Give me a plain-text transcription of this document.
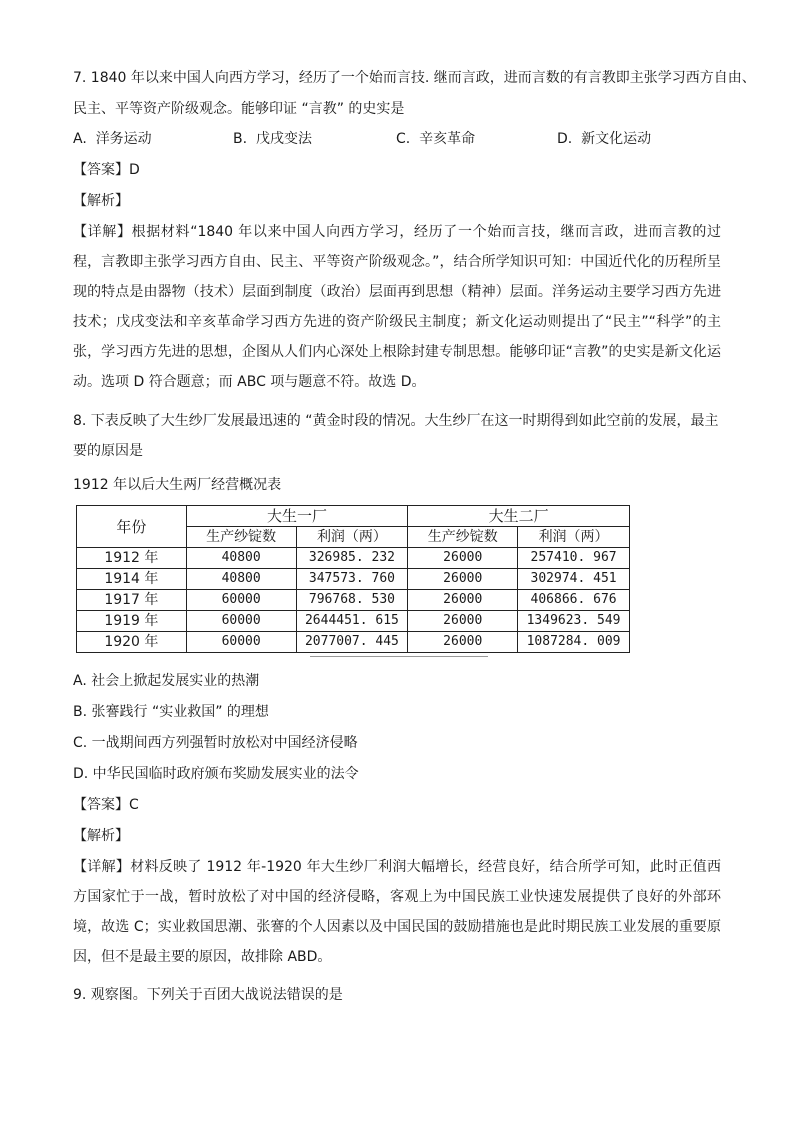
7. 1840 年以来中国人向西方学习，经历了一个始而言技. 继而言政，进而言数的有言教即主张学习西方自由、
民主、平等资产阶级观念。能够印证 “言教” 的史实是
A. 洋务运动	B. 戊戌变法	C. 辛亥革命	D. 新文化运动
【答案】D
【解析】
【详解】根据材料“1840 年以来中国人向西方学习，经历了一个始而言技，继而言政，进而言教的过程，言教即主张学习西方自由、民主、平等资产阶级观念。”，结合所学知识可知：中国近代化的历程所呈现的特点是由器物（技术）层面到制度（政治）层面再到思想（精神）层面。洋务运动主要学习西方先进技术；戊戌变法和辛亥革命学习西方先进的资产阶级民主制度；新文化运动则提出了“民主”“科学”的主张，学习西方先进的思想，企图从人们内心深处上根除封建专制思想。能够印证“言教”的史实是新文化运动。选项 D 符合题意；而 ABC 项与题意不符。故选 D。
8. 下表反映了大生纱厂发展最迅速的 “黄金时段的情况。大生纱厂在这一时期得到如此空前的发展，最主
要的原因是
1912 年以后大生两厂经营概况表
年份	大生一厂		大生二厂	
	生产纱锭数	利润（两）	生产纱锭数	利润（两）
1912 年	40800	326985. 232	26000	257410. 967
1914 年	40800	347573. 760	26000	302974. 451
1917 年	60000	796768. 530	26000	406866. 676
1919 年	60000	2644451. 615	26000	1349623. 549
1920 年	60000	2077007. 445	26000	1087284. 009
A. 社会上掀起发展实业的热潮
B. 张謇践行 “实业救国” 的理想
C. 一战期间西方列强暂时放松对中国经济侵略
D. 中华民国临时政府颁布奖励发展实业的法令
【答案】C
【解析】
【详解】材料反映了 1912 年-1920 年大生纱厂利润大幅增长，经营良好，结合所学可知，此时正值西方国家忙于一战，暂时放松了对中国的经济侵略，客观上为中国民族工业快速发展提供了良好的外部环境，故选 C；实业救国思潮、张謇的个人因素以及中国民国的鼓励措施也是此时期民族工业发展的重要原因，但不是最主要的原因，故排除 ABD。
9. 观察图。下列关于百团大战说法错误的是
